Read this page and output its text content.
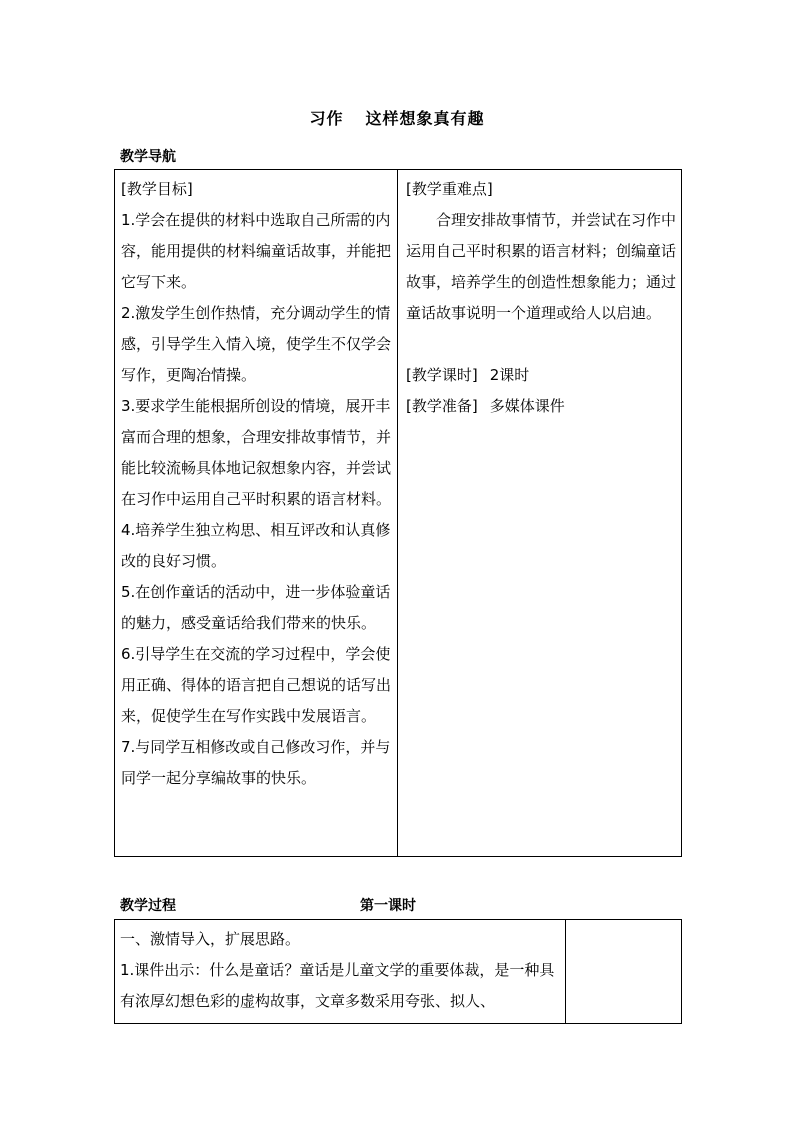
习作 这样想象真有趣
教学导航

[教学目标]

1.学会在提供的材料中选取自己所需的内容，能用提供的材料编童话故事，并能把它写下来。

2.激发学生创作热情，充分调动学生的情感，引导学生入情入境，使学生不仅学会写作，更陶冶情操。

3.要求学生能根据所创设的情境，展开丰富而合理的想象，合理安排故事情节，并能比较流畅具体地记叙想象内容，并尝试在习作中运用自己平时积累的语言材料。

4.培养学生独立构思、相互评改和认真修改的良好习惯。

5.在创作童话的活动中，进一步体验童话的魅力，感受童话给我们带来的快乐。

6.引导学生在交流的学习过程中，学会使用正确、得体的语言把自己想说的话写出来，促使学生在写作实践中发展语言。

7.与同学互相修改或自己修改习作，并与同学一起分享编故事的快乐。

[教学重难点]

合理安排故事情节，并尝试在习作中运用自己平时积累的语言材料；创编童话故事，培养学生的创造性想象能力；通过童话故事说明一个道理或给人以启迪。

[教学课时] 2课时

[教学准备] 多媒体课件

教学过程	第一课时

一、激情导入，扩展思路。

1.课件出示：什么是童话？童话是儿童文学的重要体裁，是一种具有浓厚幻想色彩的虚构故事，文章多数采用夸张、拟人、
